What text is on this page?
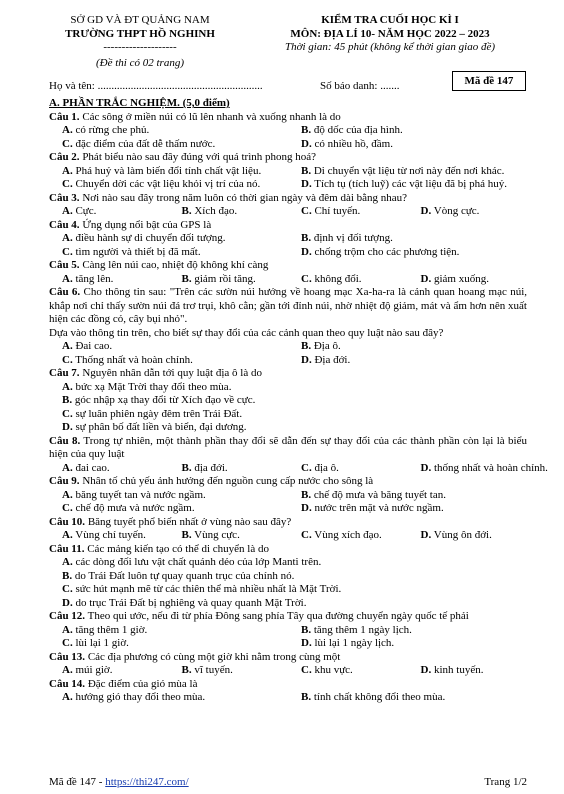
SỞ GD VÀ ĐT QUẢNG NAM
TRƯỜNG THPT HỒ NGHINH
--------------------
(Đề thi có 02 trang)
KIỂM TRA CUỐI HỌC KÌ I
MÔN: ĐỊA LÍ 10- NĂM HỌC 2022 – 2023
Thời gian: 45 phút (không kể thời gian giao đề)
Họ và tên: ............................................................	Số báo danh: .......	Mã đề 147
A. PHẦN TRẮC NGHIỆM. (5,0 điểm)
Câu 1. Các sông ở miền núi có lũ lên nhanh và xuống nhanh là do
A. có rừng che phủ.	B. độ dốc của địa hình.
C. đặc điểm của đất dễ thấm nước.	D. có nhiều hồ, đầm.
Câu 2. Phát biểu nào sau đây đúng với quá trình phong hoá?
A. Phá huỷ và làm biến đổi tính chất vật liệu.	B. Di chuyển vật liệu từ nơi này đến nơi khác.
C. Chuyển dời các vật liệu khỏi vị trí của nó.	D. Tích tụ (tích luỹ) các vật liệu đã bị phá huỷ.
Câu 3. Nơi nào sau đây trong năm luôn có thời gian ngày và đêm dài bằng nhau?
A. Cực.	B. Xích đạo.	C. Chí tuyến.	D. Vòng cực.
Câu 4. Ứng dụng nổi bật của GPS là
A. điều hành sự di chuyển đối tượng.	B. định vị đối tượng.
C. tìm người và thiết bị đã mất.	D. chống trộm cho các phương tiện.
Câu 5. Càng lên núi cao, nhiệt độ không khí càng
A. tăng lên.	B. giảm rồi tăng.	C. không đổi.	D. giảm xuống.
Câu 6. Cho thông tin sau: "Trên các sườn núi hướng về hoang mạc Xa-ha-ra là cảnh quan hoang mạc núi, khắp nơi chỉ thấy sườn núi đá trơ trụi, khô cằn; gần tới đỉnh núi, nhờ nhiệt độ giảm, mát và ẩm hơn nên xuất hiện các đồng cỏ, cây bụi nhỏ".
Dựa vào thông tin trên, cho biết sự thay đổi của các cảnh quan theo quy luật nào sau đây?
A. Đai cao.	B. Địa ô.
C. Thống nhất và hoàn chỉnh.	D. Địa đới.
Câu 7. Nguyên nhân dẫn tới quy luật địa ô là do
A. bức xạ Mặt Trời thay đổi theo mùa.
B. góc nhập xạ thay đổi từ Xích đạo về cực.
C. sự luân phiên ngày đêm trên Trái Đất.
D. sự phân bố đất liền và biển, đại dương.
Câu 8. Trong tự nhiên, một thành phần thay đổi sẽ dẫn đến sự thay đổi của các thành phần còn lại là biểu hiện của quy luật
A. đai cao.	B. địa đới.	C. địa ô.	D. thống nhất và hoàn chỉnh.
Câu 9. Nhân tố chủ yếu ảnh hưởng đến nguồn cung cấp nước cho sông là
A. băng tuyết tan và nước ngầm.	B. chế độ mưa và băng tuyết tan.
C. chế độ mưa và nước ngầm.	D. nước trên mặt và nước ngầm.
Câu 10. Băng tuyết phổ biến nhất ở vùng nào sau đây?
A. Vùng chí tuyến.	B. Vùng cực.	C. Vùng xích đạo.	D. Vùng ôn đới.
Câu 11. Các mảng kiến tạo có thể di chuyển là do
A. các dòng đối lưu vật chất quánh dẻo của lớp Manti trên.
B. do Trái Đất luôn tự quay quanh trục của chính nó.
C. sức hút mạnh mẽ từ các thiên thể mà nhiều nhất là Mặt Trời.
D. do trục Trái Đất bị nghiêng và quay quanh Mặt Trời.
Câu 12. Theo qui ước, nếu đi từ phía Đông sang phía Tây qua đường chuyển ngày quốc tế phải
A. tăng thêm 1 giờ.	B. tăng thêm 1 ngày lịch.
C. lùi lại 1 giờ.	D. lùi lại 1 ngày lịch.
Câu 13. Các địa phương có cùng một giờ khi nằm trong cùng một
A. múi giờ.	B. vĩ tuyến.	C. khu vực.	D. kinh tuyến.
Câu 14. Đặc điểm của gió mùa là
A. hướng gió thay đổi theo mùa.	B. tính chất không đổi theo mùa.
Mã đề 147 - https://thi247.com/	Trang 1/2
